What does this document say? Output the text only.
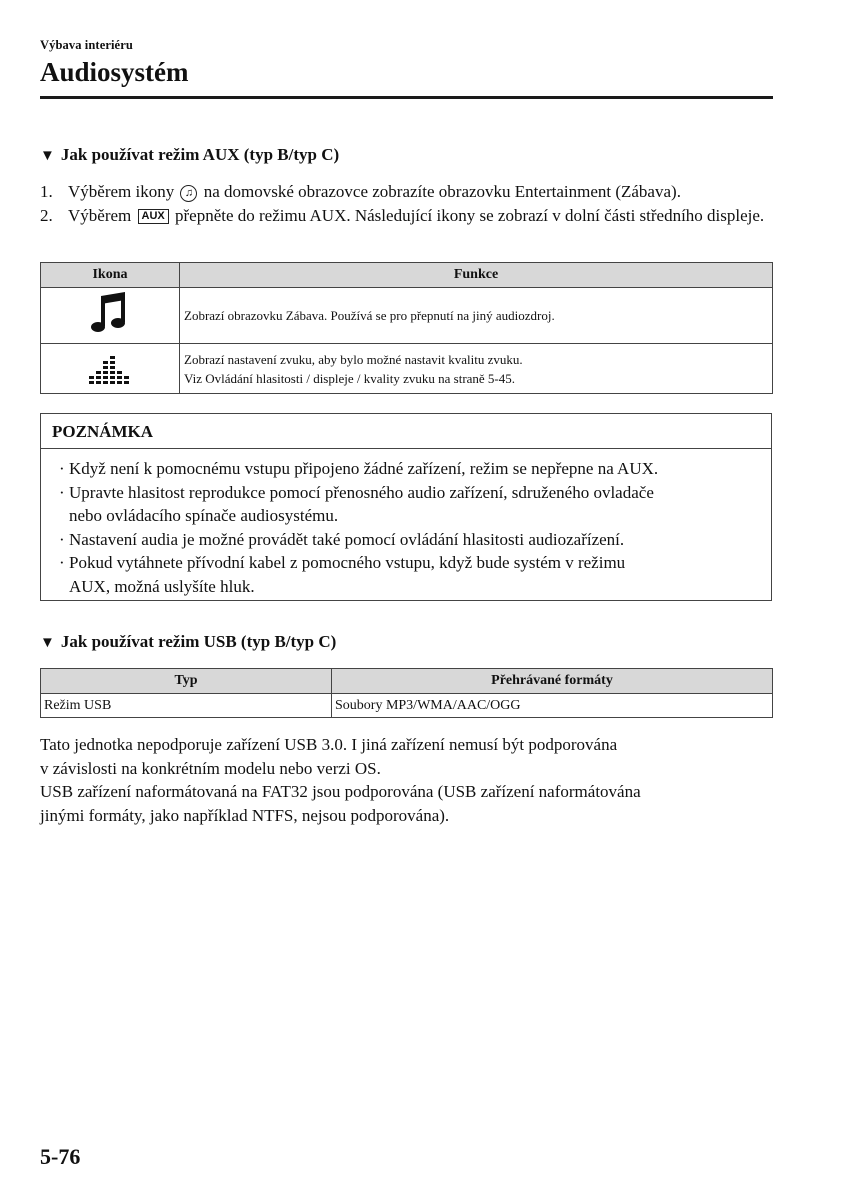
Výbava interiéru
Audiosystém
▼ Jak používat režim AUX (typ B/typ C)
1. Výběrem ikony ♫ na domovské obrazovce zobrazíte obrazovku Entertainment (Zábava).
2. Výběrem AUX přepněte do režimu AUX. Následující ikony se zobrazí v dolní části středního displeje.
Ikona	Funkce

Zobrazí obrazovku Zábava. Používá se pro přepnutí na jiný audiozdroj.

Zobrazí nastavení zvuku, aby bylo možné nastavit kvalitu zvuku.
Viz Ovládání hlasitosti / displeje / kvality zvuku na straně 5-45.
POZNÁMKA
· Když není k pomocnému vstupu připojeno žádné zařízení, režim se nepřepne na AUX.
· Upravte hlasitost reprodukce pomocí přenosného audio zařízení, sdruženého ovladače
nebo ovládacího spínače audiosystému.
· Nastavení audia je možné provádět také pomocí ovládání hlasitosti audiozařízení.
· Pokud vytáhnete přívodní kabel z pomocného vstupu, když bude systém v režimu
AUX, možná uslyšíte hluk.
▼ Jak používat režim USB (typ B/typ C)
Typ	Přehrávané formáty
Režim USB	Soubory MP3/WMA/AAC/OGG
Tato jednotka nepodporuje zařízení USB 3.0. I jiná zařízení nemusí být podporována
v závislosti na konkrétním modelu nebo verzi OS.
USB zařízení naformátovaná na FAT32 jsou podporována (USB zařízení naformátována
jinými formáty, jako například NTFS, nejsou podporována).
5-76
